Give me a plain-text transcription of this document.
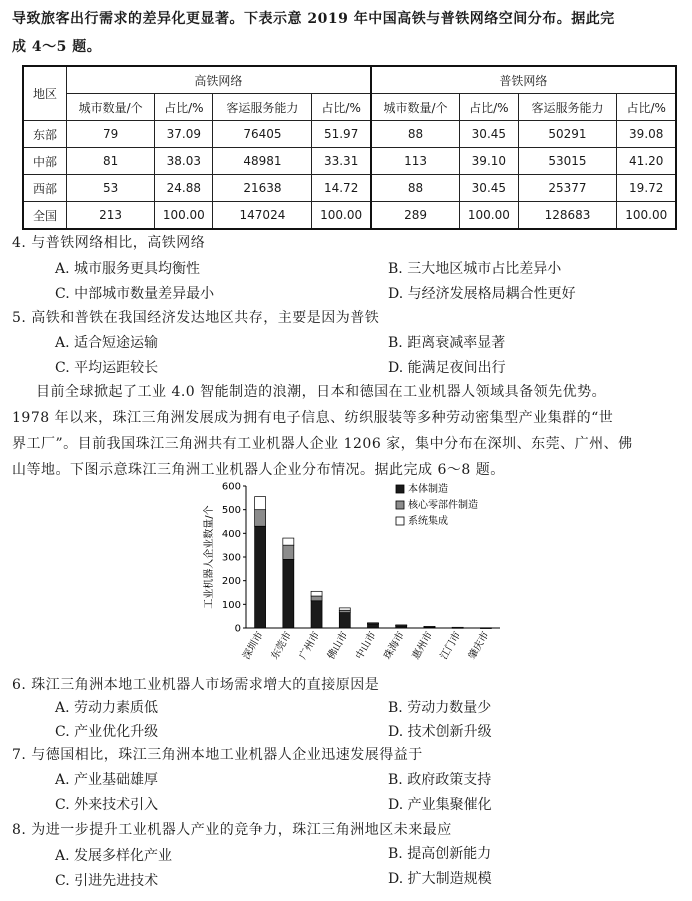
导致旅客出行需求的差异化更显著。下表示意 2019 年中国高铁与普铁网络空间分布。据此完
成 4～5 题。
地区	高铁网络				普铁网络			
	城市数量/个	占比/%	客运服务能力	占比/%	城市数量/个	占比/%	客运服务能力	占比/%
东部	79	37.09	76405	51.97	88	30.45	50291	39.08
中部	81	38.03	48981	33.31	113	39.10	53015	41.20
西部	53	24.88	21638	14.72	88	30.45	25377	19.72
全国	213	100.00	147024	100.00	289	100.00	128683	100.00
4. 与普铁网络相比，高铁网络
A. 城市服务更具均衡性	B. 三大地区城市占比差异小
C. 中部城市数量差异最小	D. 与经济发展格局耦合性更好
5. 高铁和普铁在我国经济发达地区共存，主要是因为普铁
A. 适合短途运输	B. 距离衰减率显著
C. 平均运距较长	D. 能满足夜间出行
目前全球掀起了工业 4.0 智能制造的浪潮，日本和德国在工业机器人领域具备领先优势。
1978 年以来，珠江三角洲发展成为拥有电子信息、纺织服装等多种劳动密集型产业集群的“世
界工厂”。目前我国珠江三角洲共有工业机器人企业 1206 家，集中分布在深圳、东莞、广州、佛
山等地。下图示意珠江三角洲工业机器人企业分布情况。据此完成 6～8 题。
0
100
200
300
400
500
600
工业机器人企业数量/个
深圳市 东莞市 广州市 佛山市 中山市 珠海市 惠州市 江门市 肇庆市
本体制造
核心零部件制造
系统集成
6. 珠江三角洲本地工业机器人市场需求增大的直接原因是
A. 劳动力素质低	B. 劳动力数量少
C. 产业优化升级	D. 技术创新升级
7. 与德国相比，珠江三角洲本地工业机器人企业迅速发展得益于
A. 产业基础雄厚	B. 政府政策支持
C. 外来技术引入	D. 产业集聚催化
8. 为进一步提升工业机器人产业的竞争力，珠江三角洲地区未来最应
A. 发展多样化产业	B. 提高创新能力
C. 引进先进技术	D. 扩大制造规模
